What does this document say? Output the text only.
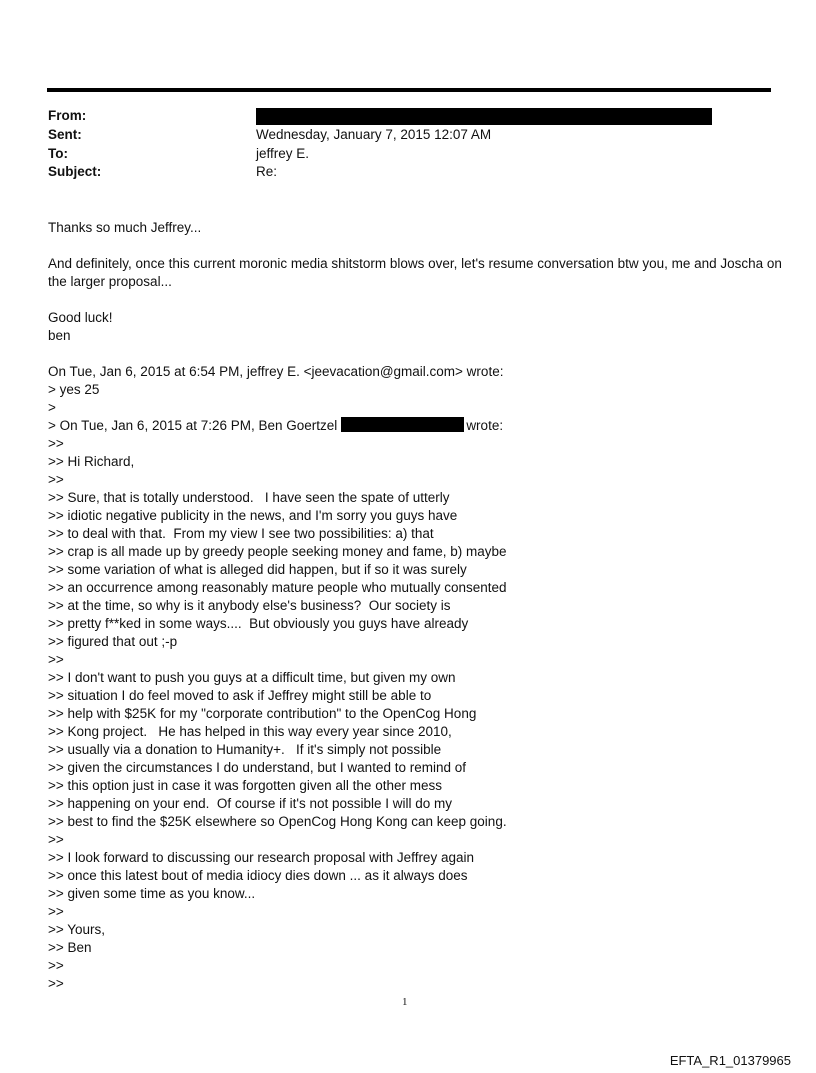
From:
Sent:	Wednesday, January 7, 2015 12:07 AM
To:	jeffrey E.
Subject:	Re:
Thanks so much Jeffrey...
And definitely, once this current moronic media shitstorm blows over, let's resume conversation btw you, me and Joscha on the larger proposal...
Good luck!
ben
On Tue, Jan 6, 2015 at 6:54 PM, jeffrey E. <jeevacation@gmail.com> wrote:
> yes 25
>
> On Tue, Jan 6, 2015 at 7:26 PM, Ben Goertzel	wrote:
>>
>> Hi Richard,
>>
>> Sure, that is totally understood.   I have seen the spate of utterly
>> idiotic negative publicity in the news, and I'm sorry you guys have
>> to deal with that.  From my view I see two possibilities: a) that
>> crap is all made up by greedy people seeking money and fame, b) maybe
>> some variation of what is alleged did happen, but if so it was surely
>> an occurrence among reasonably mature people who mutually consented
>> at the time, so why is it anybody else's business?  Our society is
>> pretty f**ked in some ways....  But obviously you guys have already
>> figured that out ;-p
>>
>> I don't want to push you guys at a difficult time, but given my own
>> situation I do feel moved to ask if Jeffrey might still be able to
>> help with $25K for my "corporate contribution" to the OpenCog Hong
>> Kong project.   He has helped in this way every year since 2010,
>> usually via a donation to Humanity+.   If it's simply not possible
>> given the circumstances I do understand, but I wanted to remind of
>> this option just in case it was forgotten given all the other mess
>> happening on your end.  Of course if it's not possible I will do my
>> best to find the $25K elsewhere so OpenCog Hong Kong can keep going.
>>
>> I look forward to discussing our research proposal with Jeffrey again
>> once this latest bout of media idiocy dies down ... as it always does
>> given some time as you know...
>>
>> Yours,
>> Ben
>>
>>
1
EFTA_R1_01379965
